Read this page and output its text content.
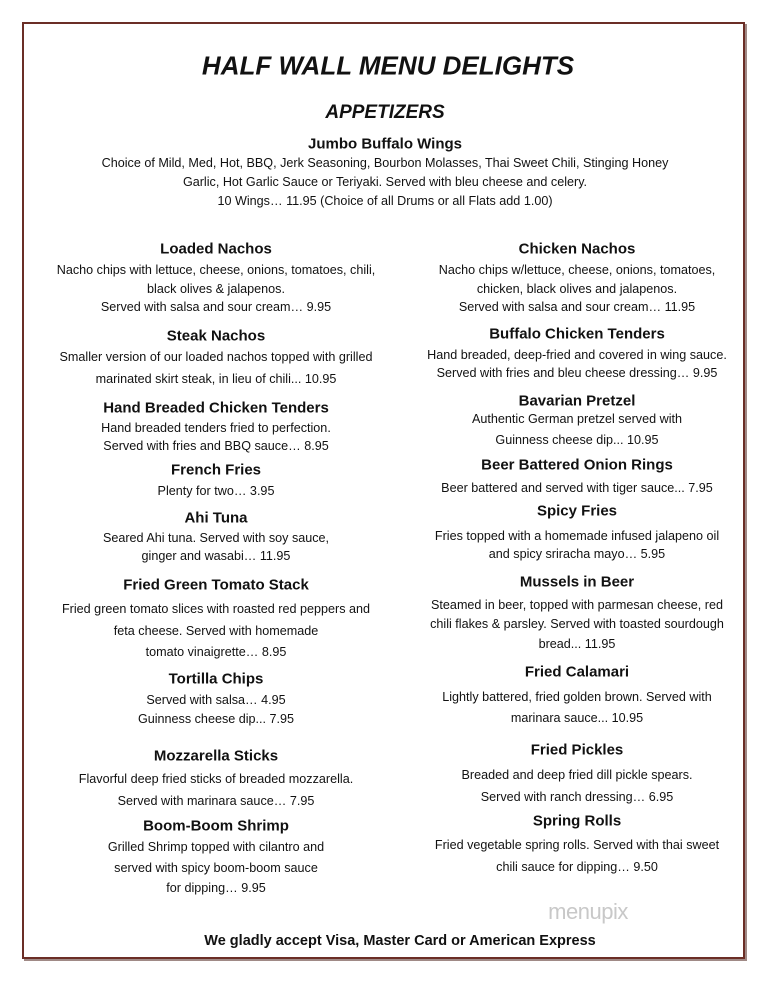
HALF WALL MENU DELIGHTS
APPETIZERS
Jumbo Buffalo Wings
Choice of Mild, Med, Hot, BBQ, Jerk Seasoning, Bourbon Molasses, Thai Sweet Chili, Stinging Honey
Garlic, Hot Garlic Sauce or Teriyaki. Served with bleu cheese and celery.
10 Wings… 11.95 (Choice of all Drums or all Flats add 1.00)
Loaded Nachos
Nacho chips with lettuce, cheese, onions, tomatoes, chili,
black olives & jalapenos.
Served with salsa and sour cream… 9.95
Steak Nachos
Smaller version of our loaded nachos topped with grilled
marinated skirt steak, in lieu of chili... 10.95
Hand Breaded Chicken Tenders
Hand breaded tenders fried to perfection.
Served with fries and BBQ sauce… 8.95
French Fries
Plenty for two… 3.95
Ahi Tuna
Seared Ahi tuna. Served with soy sauce,
ginger and wasabi… 11.95
Fried Green Tomato Stack
Fried green tomato slices with roasted red peppers and
feta cheese. Served with homemade
tomato vinaigrette… 8.95
Tortilla Chips
Served with salsa… 4.95
Guinness cheese dip... 7.95
Mozzarella Sticks
Flavorful deep fried sticks of breaded mozzarella.
Served with marinara sauce… 7.95
Boom-Boom Shrimp
Grilled Shrimp topped with cilantro and
served with spicy boom-boom sauce
for dipping… 9.95
Chicken Nachos
Nacho chips w/lettuce, cheese, onions, tomatoes,
chicken, black olives and jalapenos.
Served with salsa and sour cream… 11.95
Buffalo Chicken Tenders
Hand breaded, deep-fried and covered in wing sauce.
Served with fries and bleu cheese dressing… 9.95
Bavarian Pretzel
Authentic German pretzel served with
Guinness cheese dip... 10.95
Beer Battered Onion Rings
Beer battered and served with tiger sauce... 7.95
Spicy Fries
Fries topped with a homemade infused jalapeno oil
and spicy sriracha mayo… 5.95
Mussels in Beer
Steamed in beer, topped with parmesan cheese, red
chili flakes & parsley. Served with toasted sourdough
bread... 11.95
Fried Calamari
Lightly battered, fried golden brown. Served with
marinara sauce... 10.95
Fried Pickles
Breaded and deep fried dill pickle spears.
Served with ranch dressing… 6.95
Spring Rolls
Fried vegetable spring rolls. Served with thai sweet
chili sauce for dipping… 9.50
menupix
We gladly accept Visa, Master Card or American Express
